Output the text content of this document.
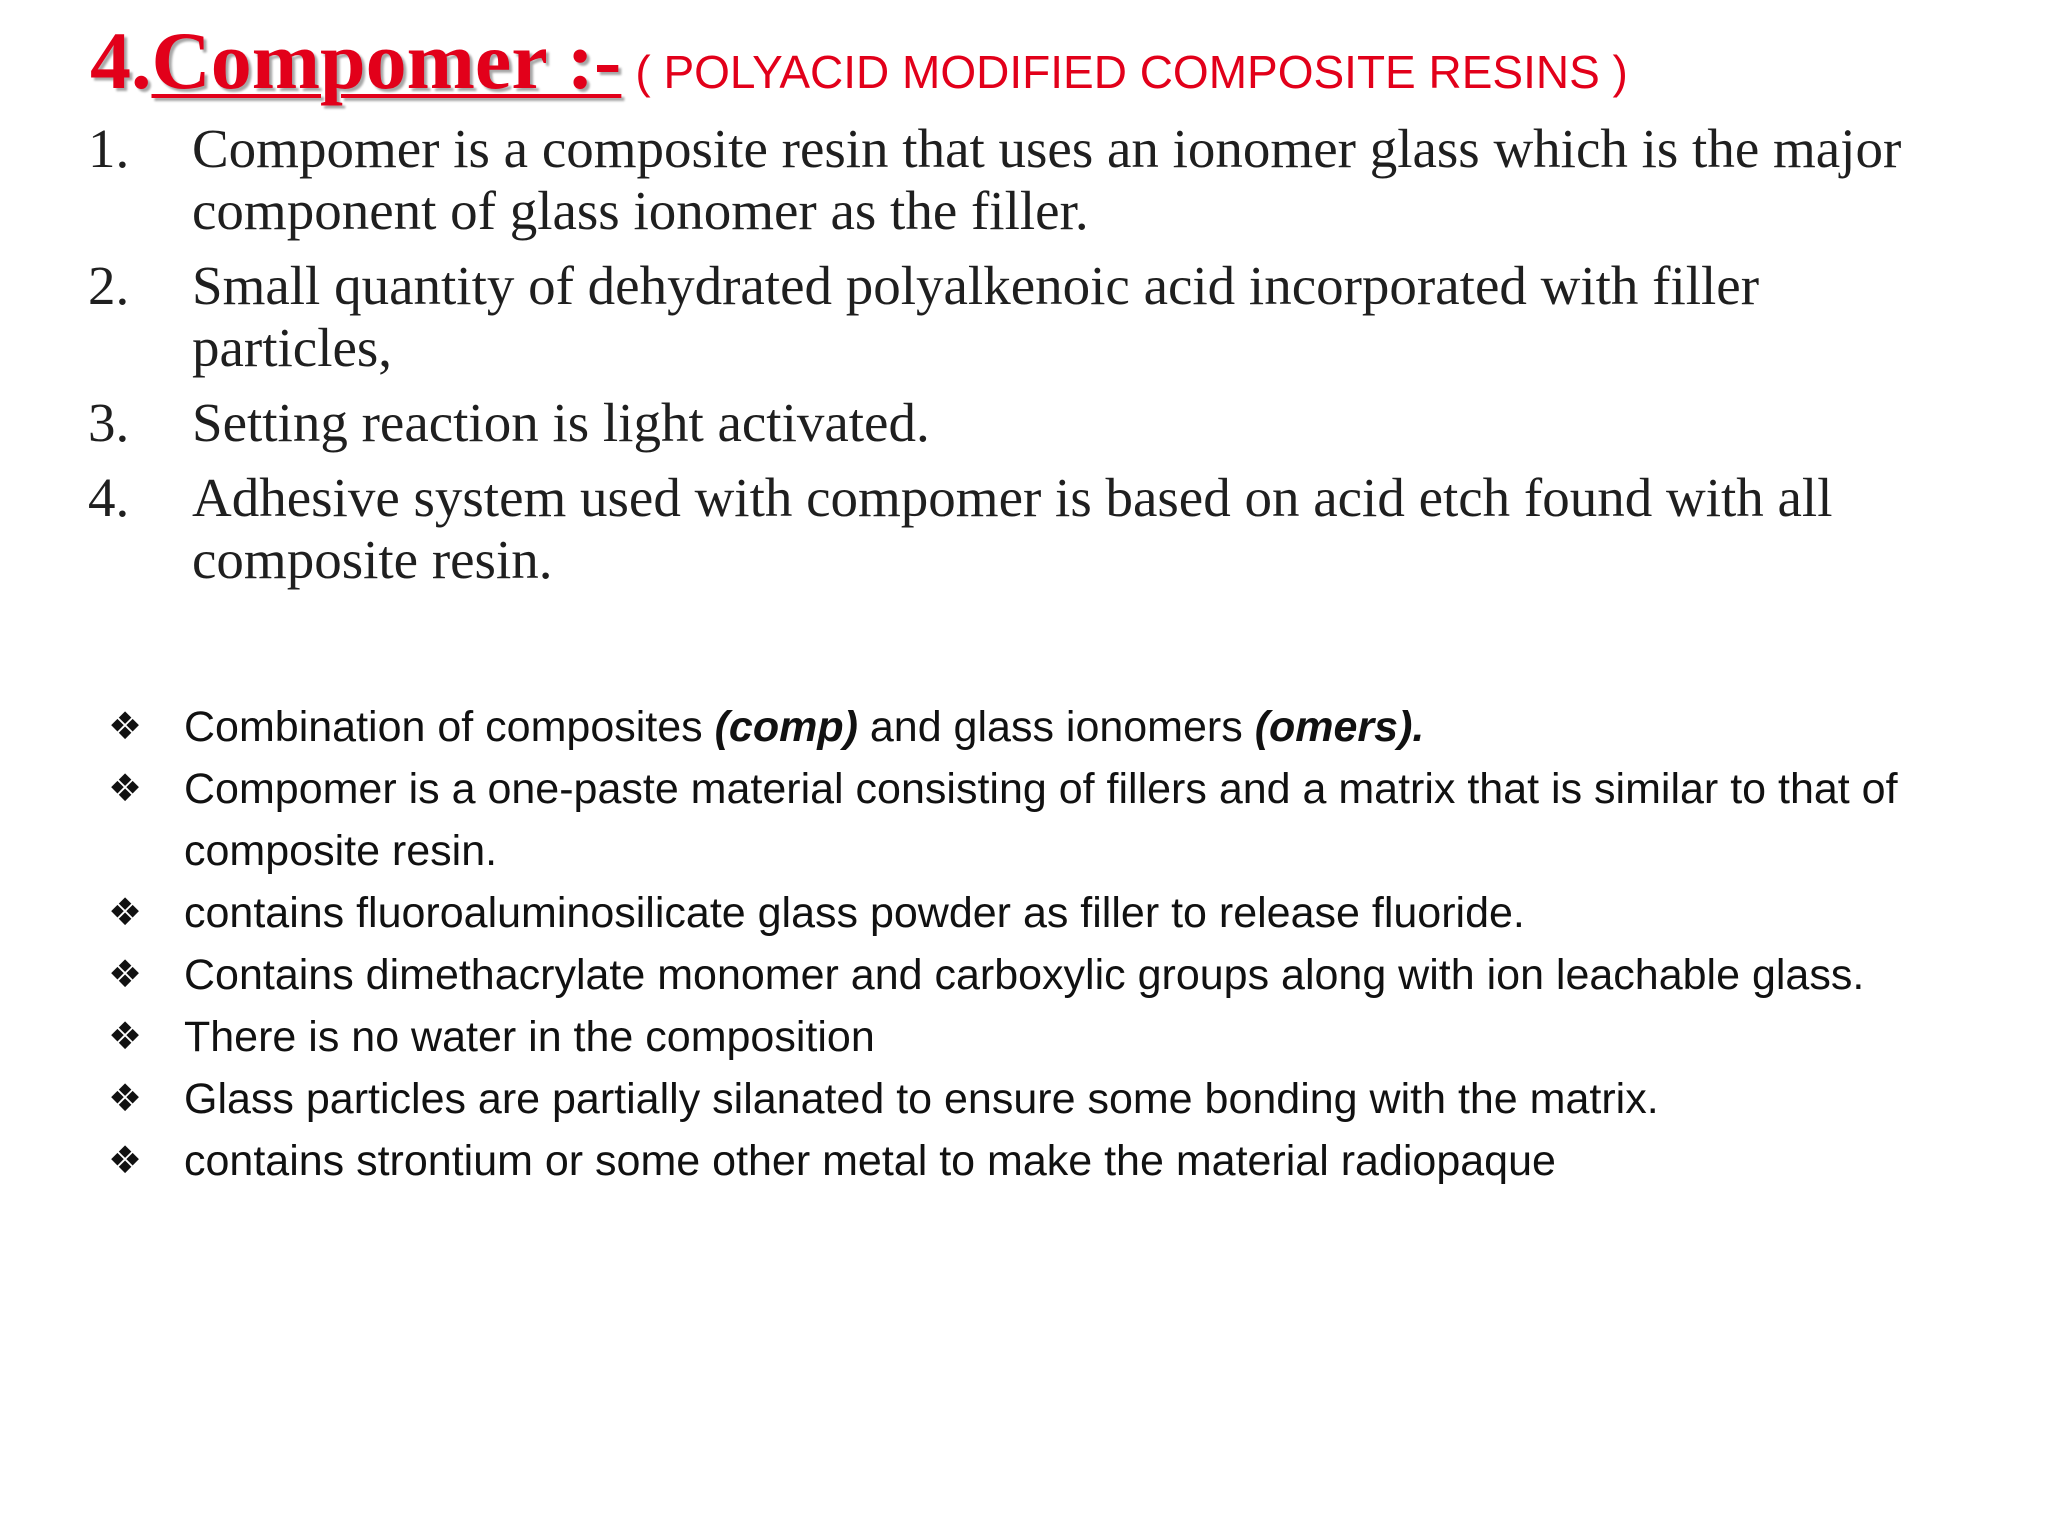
4.Compomer :- ( POLYACID MODIFIED COMPOSITE RESINS )
1.	Compomer is a composite resin that uses an ionomer glass which is the major component of glass ionomer as the filler.
2.	Small quantity of dehydrated polyalkenoic acid incorporated with filler particles,
3.	Setting reaction is light activated.
4.	Adhesive system used with compomer is based on acid etch found with all composite resin.
❖ Combination of composites (comp) and glass ionomers (omers).
❖ Compomer is a one-paste material consisting of fillers and a matrix that is similar to that of composite resin.
❖ contains fluoroaluminosilicate glass powder as filler to release fluoride.
❖ Contains dimethacrylate monomer and carboxylic groups along with ion leachable glass.
❖ There is no water in the composition
❖ Glass particles are partially silanated to ensure some bonding with the matrix.
❖ contains strontium or some other metal to make the material radiopaque
